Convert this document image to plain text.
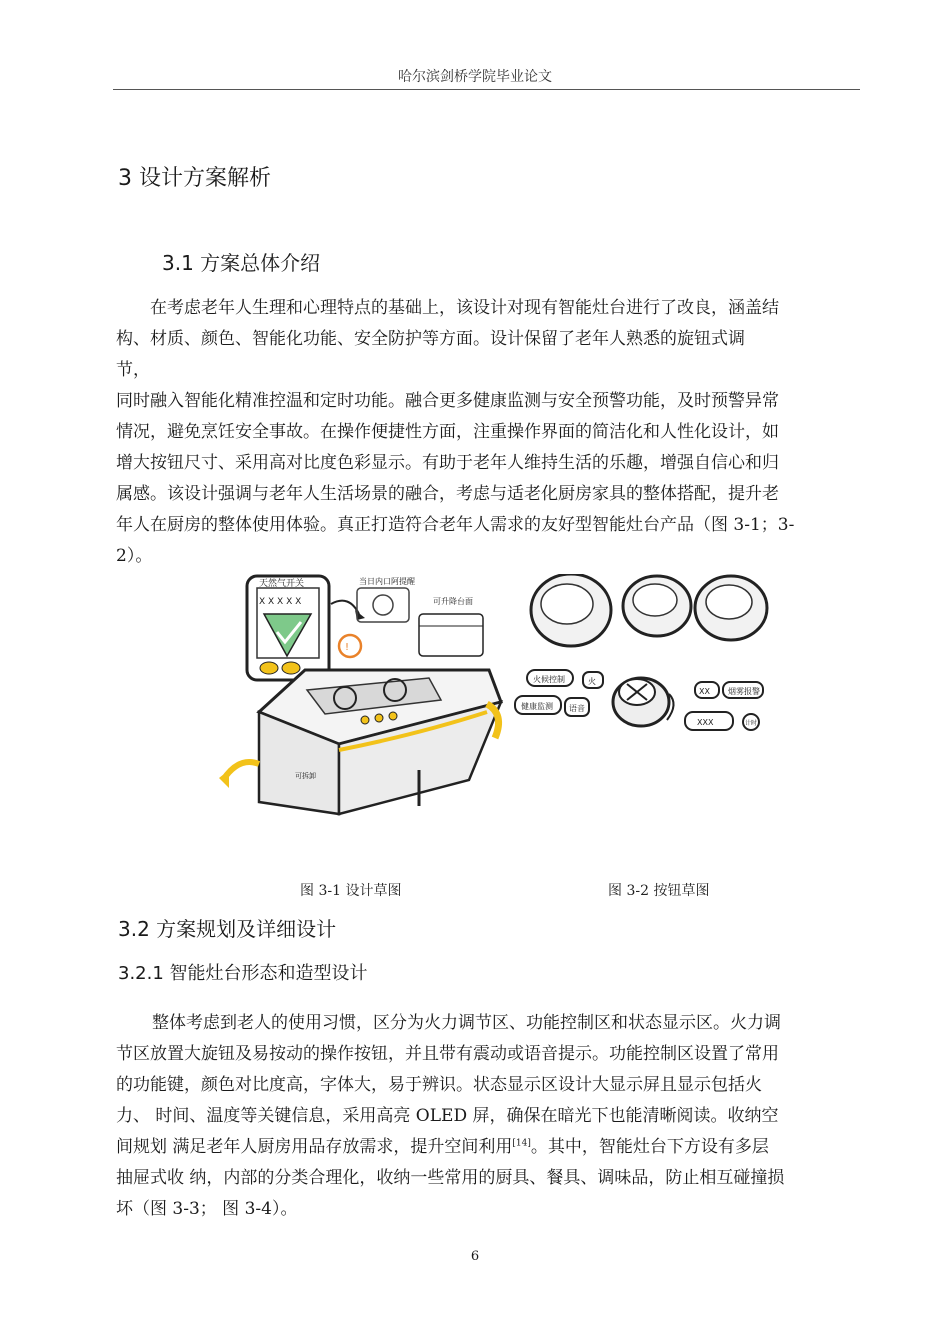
哈尔滨剑桥学院毕业论文
3 设计方案解析
3.1 方案总体介绍
在考虑老年人生理和心理特点的基础上，该设计对现有智能灶台进行了改良，涵盖结
构、材质、颜色、智能化功能、安全防护等方面。设计保留了老年人熟悉的旋钮式调
节，
同时融入智能化精准控温和定时功能。融合更多健康监测与安全预警功能，及时预警异常
情况，避免烹饪安全事故。在操作便捷性方面，注重操作界面的简洁化和人性化设计，如
增大按钮尺寸、采用高对比度色彩显示。有助于老年人维持生活的乐趣，增强自信心和归
属感。该设计强调与老年人生活场景的融合，考虑与适老化厨房家具的整体搭配，提升老
年人在厨房的整体使用体验。真正打造符合老年人需求的友好型智能灶台产品（图 3-1；3-
2）。
天然气开关
X X X X X
当日内口阿提醒
!
可升降台面
可拆卸
火候控制	火
健康监测 语音
XX 烟雾报警
XXX	计时
图 3-1 设计草图	图 3-2 按钮草图
3.2 方案规划及详细设计
3.2.1 智能灶台形态和造型设计
整体考虑到老人的使用习惯，区分为火力调节区、功能控制区和状态显示区。火力调
节区放置大旋钮及易按动的操作按钮，并且带有震动或语音提示。功能控制区设置了常用
的功能键，颜色对比度高，字体大，易于辨识。状态显示区设计大显示屏且显示包括火
力、 时间、温度等关键信息，采用高亮 OLED 屏，确保在暗光下也能清晰阅读。收纳空
间规划 满足老年人厨房用品存放需求，提升空间利用[14]。其中，智能灶台下方设有多层
抽屉式收 纳，内部的分类合理化，收纳一些常用的厨具、餐具、调味品，防止相互碰撞损
坏（图 3-3； 图 3-4）。
6
